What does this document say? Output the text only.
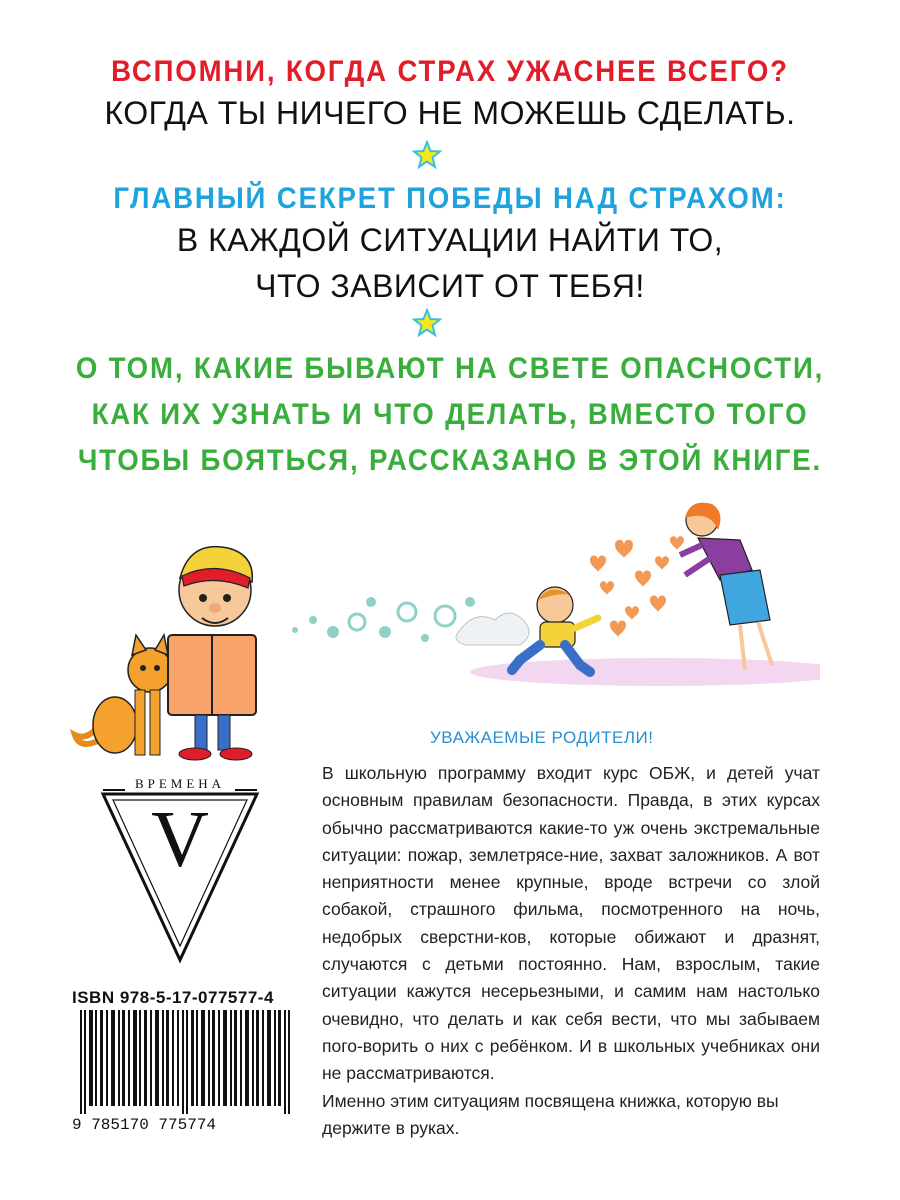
ВСПОМНИ, КОГДА СТРАХ УЖАСНЕЕ ВСЕГО?
КОГДА ТЫ НИЧЕГО НЕ МОЖЕШЬ СДЕЛАТЬ.
ГЛАВНЫЙ СЕКРЕТ ПОБЕДЫ НАД СТРАХОМ:
В КАЖДОЙ СИТУАЦИИ НАЙТИ ТО,
ЧТО ЗАВИСИТ ОТ ТЕБЯ!
О ТОМ, КАКИЕ БЫВАЮТ НА СВЕТЕ ОПАСНОСТИ,
КАК ИХ УЗНАТЬ И ЧТО ДЕЛАТЬ, ВМЕСТО ТОГО
ЧТОБЫ БОЯТЬСЯ, РАССКАЗАНО В ЭТОЙ КНИГЕ.
ВРЕМЕНА
V
ISBN 978-5-17-077577-4
9 785170 775774
УВАЖАЕМЫЕ РОДИТЕЛИ!

В школьную программу входит курс ОБЖ, и детей учат основным правилам безопасности. Правда, в этих курсах обычно рассматриваются какие-то уж очень экстремальные ситуации: пожар, землетрясе-ние, захват заложников. А вот неприятности менее крупные, вроде встречи со злой собакой, страшного фильма, посмотренного на ночь, недобрых сверстни-ков, которые обижают и дразнят, случаются с детьми постоянно. Нам, взрослым, такие ситуации кажутся несерьезными, и самим нам настолько очевидно, что делать и как себя вести, что мы забываем пого-ворить о них с ребёнком. И в школьных учебниках они не рассматриваются.

Именно этим ситуациям посвящена книжка, которую вы держите в руках.
